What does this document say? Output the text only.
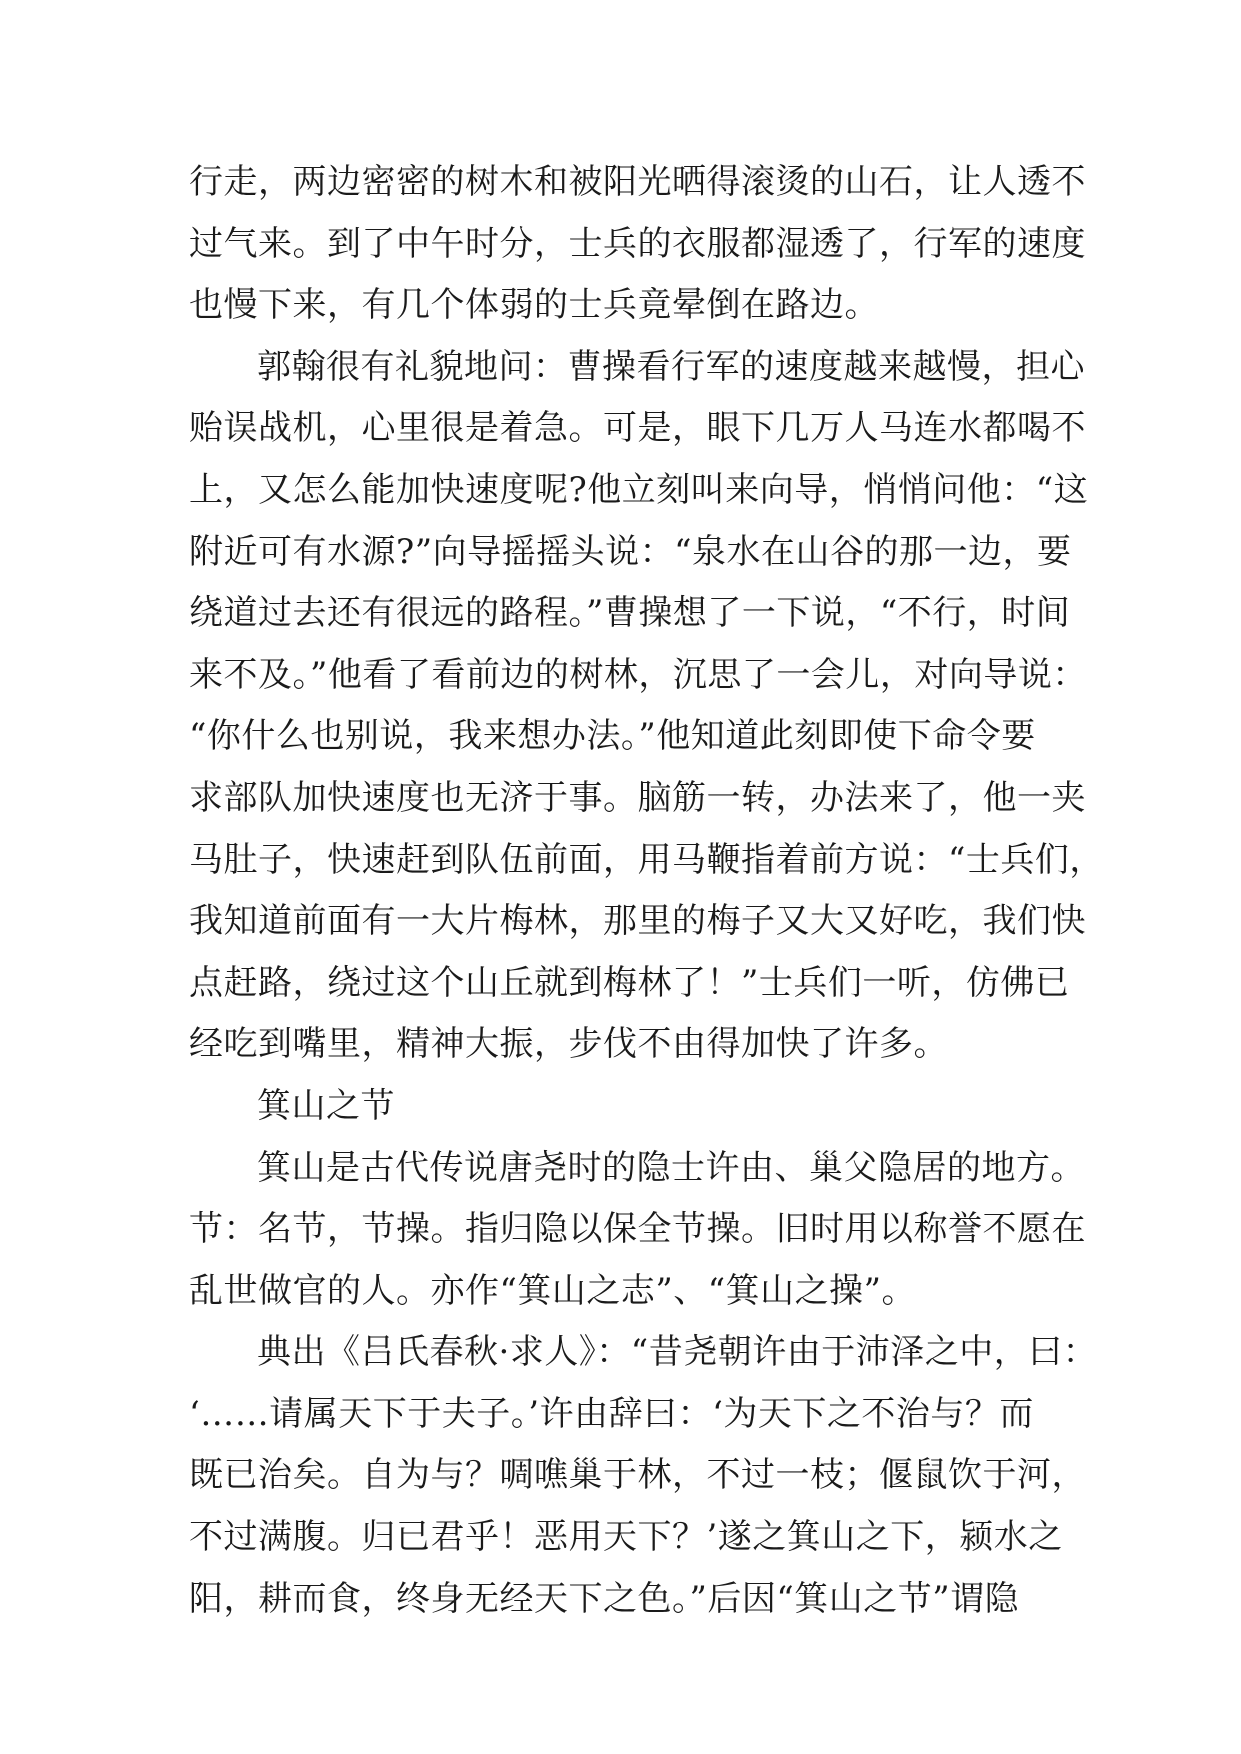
行走，两边密密的树木和被阳光晒得滚烫的山石，让人透不
过气来。到了中午时分，士兵的衣服都湿透了，行军的速度
也慢下来，有几个体弱的士兵竟晕倒在路边。
郭翰很有礼貌地问：曹操看行军的速度越来越慢，担心
贻误战机，心里很是着急。可是，眼下几万人马连水都喝不
上，又怎么能加快速度呢?他立刻叫来向导，悄悄问他：“这
附近可有水源?”向导摇摇头说：“泉水在山谷的那一边，要
绕道过去还有很远的路程。”曹操想了一下说，“不行，时间
来不及。”他看了看前边的树林，沉思了一会儿，对向导说：
“你什么也别说，我来想办法。”他知道此刻即使下命令要
求部队加快速度也无济于事。脑筋一转，办法来了，他一夹
马肚子，快速赶到队伍前面，用马鞭指着前方说：“士兵们，
我知道前面有一大片梅林，那里的梅子又大又好吃，我们快
点赶路，绕过这个山丘就到梅林了！”士兵们一听，仿佛已
经吃到嘴里，精神大振，步伐不由得加快了许多。
箕山之节
箕山是古代传说唐尧时的隐士许由、巢父隐居的地方。
节：名节，节操。指归隐以保全节操。旧时用以称誉不愿在
乱世做官的人。亦作“箕山之志”、“箕山之操”。
典出《吕氏春秋·求人》：“昔尧朝许由于沛泽之中，曰：
‘……请属天下于夫子。’许由辞曰：‘为天下之不治与？而
既已治矣。自为与？啁噍巢于林，不过一枝；偃鼠饮于河，
不过满腹。归已君乎！恶用天下？’遂之箕山之下，颍水之
阳，耕而食，终身无经天下之色。”后因“箕山之节”谓隐
